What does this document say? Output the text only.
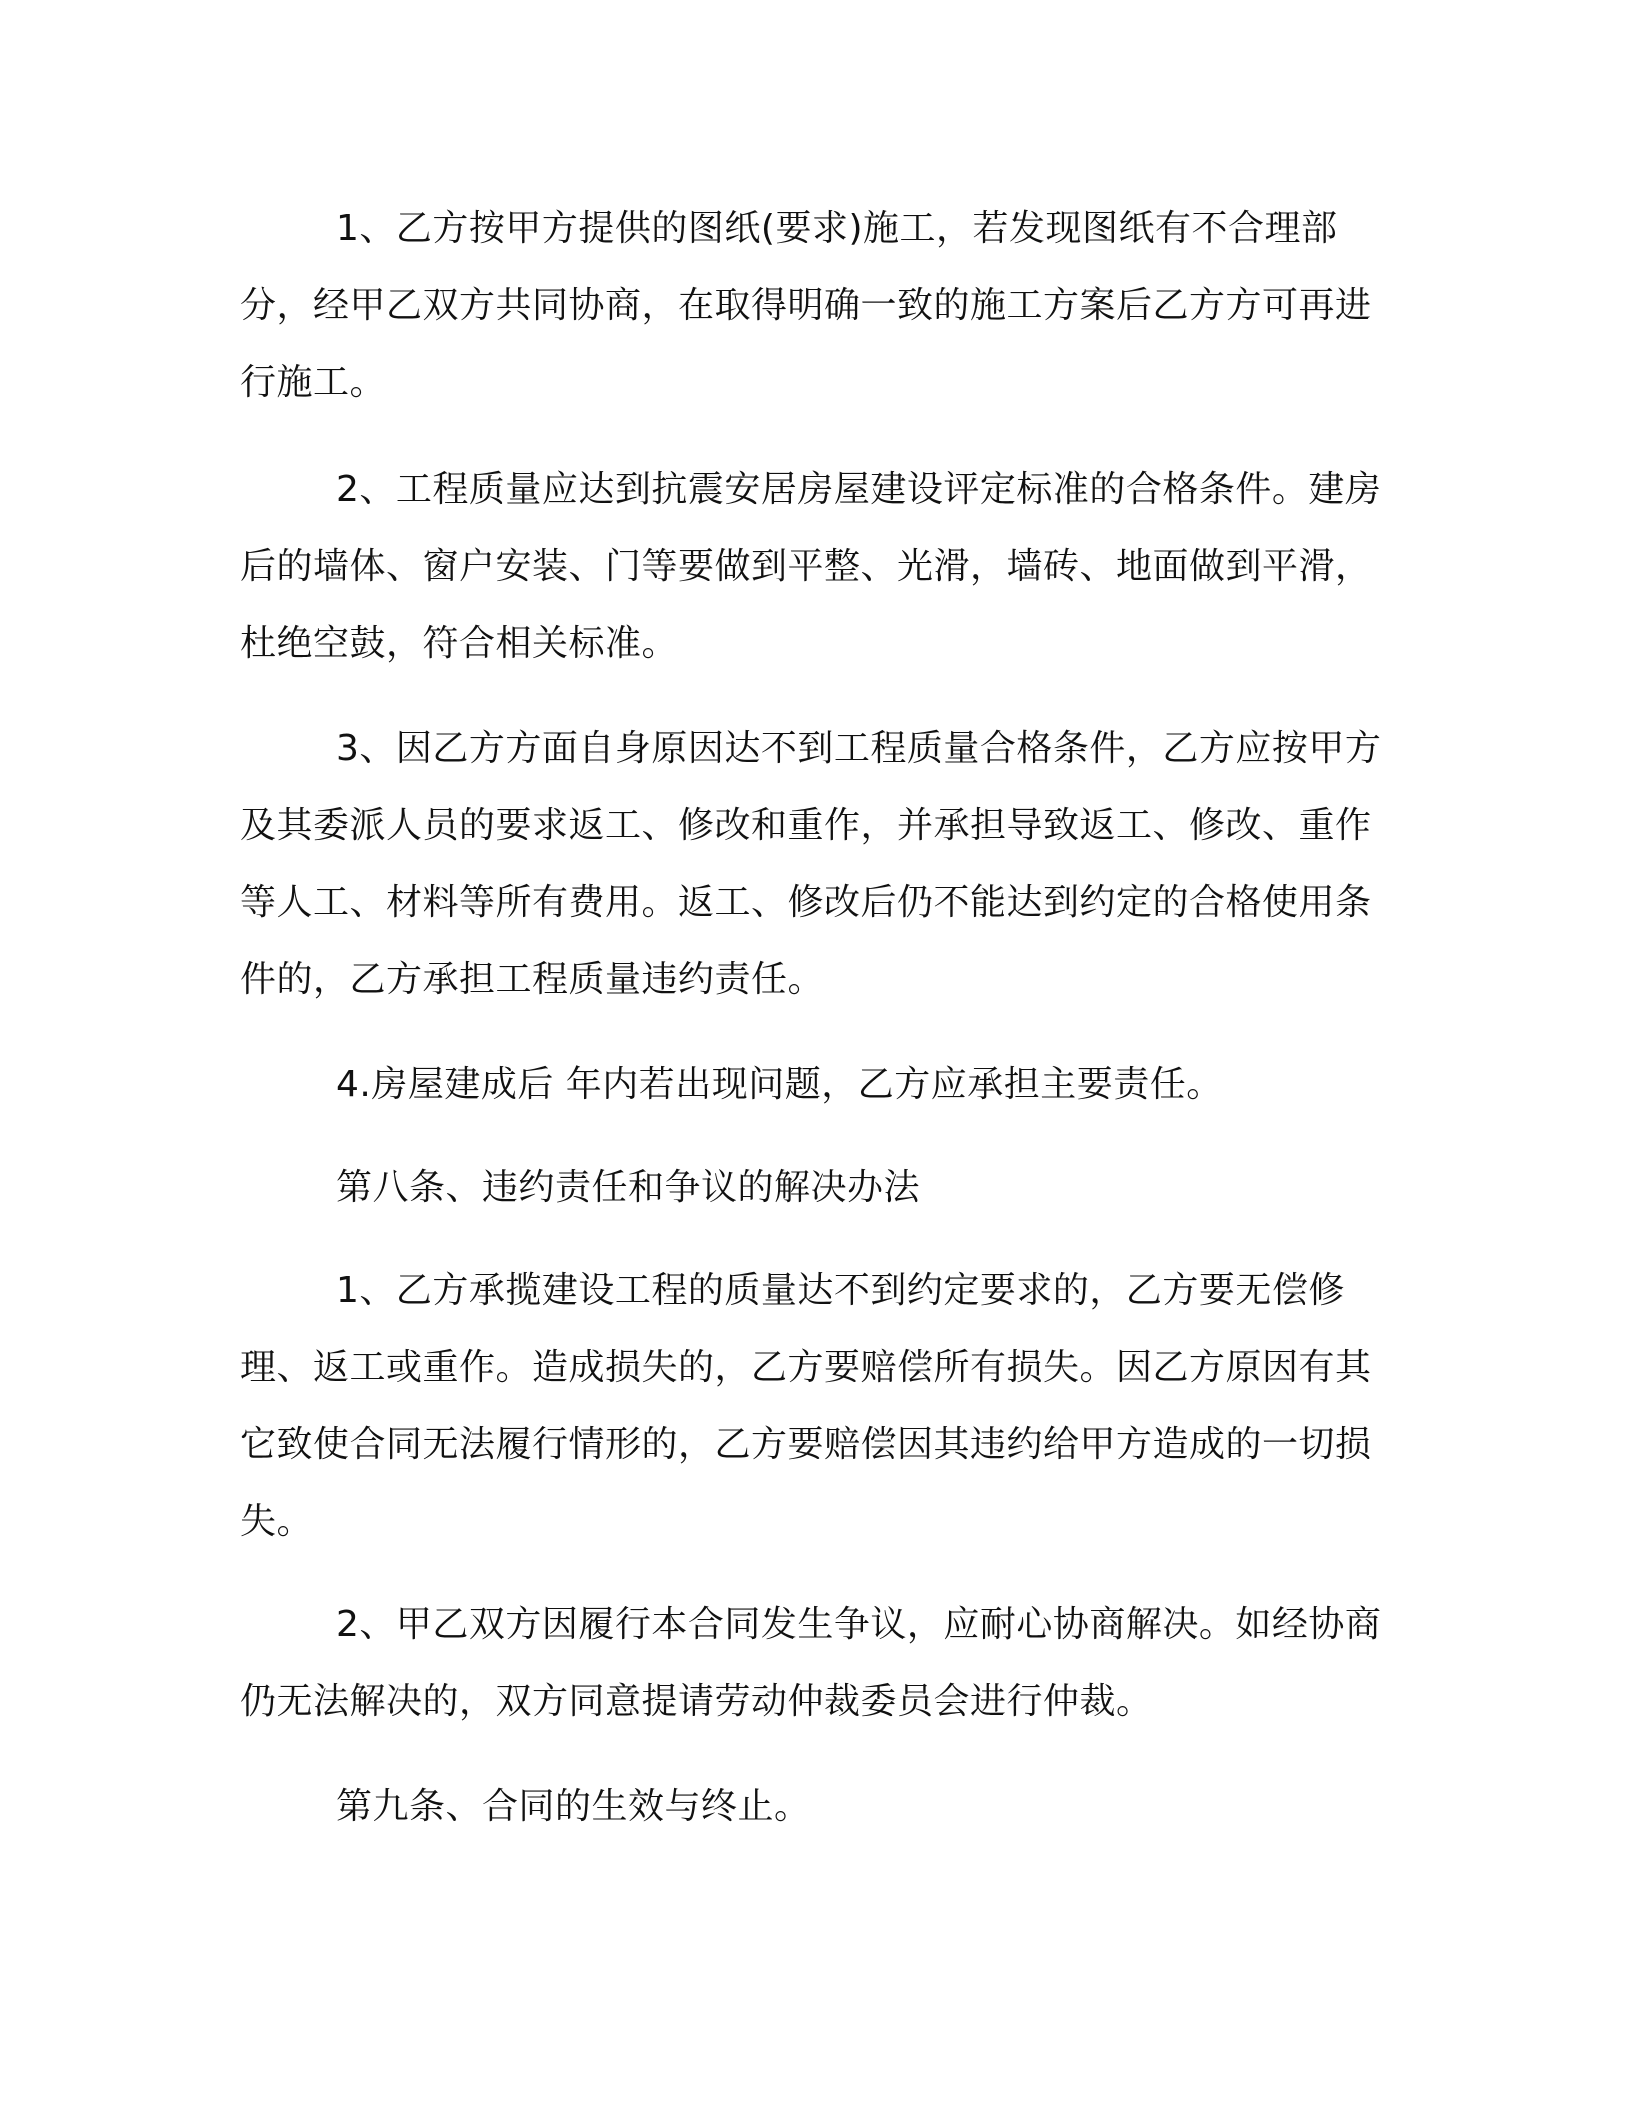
1、乙方按甲方提供的图纸(要求)施工，若发现图纸有不合理部分，经甲乙双方共同协商，在取得明确一致的施工方案后乙方方可再进行施工。

2、工程质量应达到抗震安居房屋建设评定标准的合格条件。建房后的墙体、窗户安装、门等要做到平整、光滑，墙砖、地面做到平滑，杜绝空鼓，符合相关标准。

3、因乙方方面自身原因达不到工程质量合格条件，乙方应按甲方及其委派人员的要求返工、修改和重作，并承担导致返工、修改、重作等人工、材料等所有费用。返工、修改后仍不能达到约定的合格使用条件的，乙方承担工程质量违约责任。

4.房屋建成后 年内若出现问题，乙方应承担主要责任。

第八条、违约责任和争议的解决办法

1、乙方承揽建设工程的质量达不到约定要求的，乙方要无偿修理、返工或重作。造成损失的，乙方要赔偿所有损失。因乙方原因有其它致使合同无法履行情形的，乙方要赔偿因其违约给甲方造成的一切损失。

2、甲乙双方因履行本合同发生争议，应耐心协商解决。如经协商仍无法解决的，双方同意提请劳动仲裁委员会进行仲裁。

第九条、合同的生效与终止。
